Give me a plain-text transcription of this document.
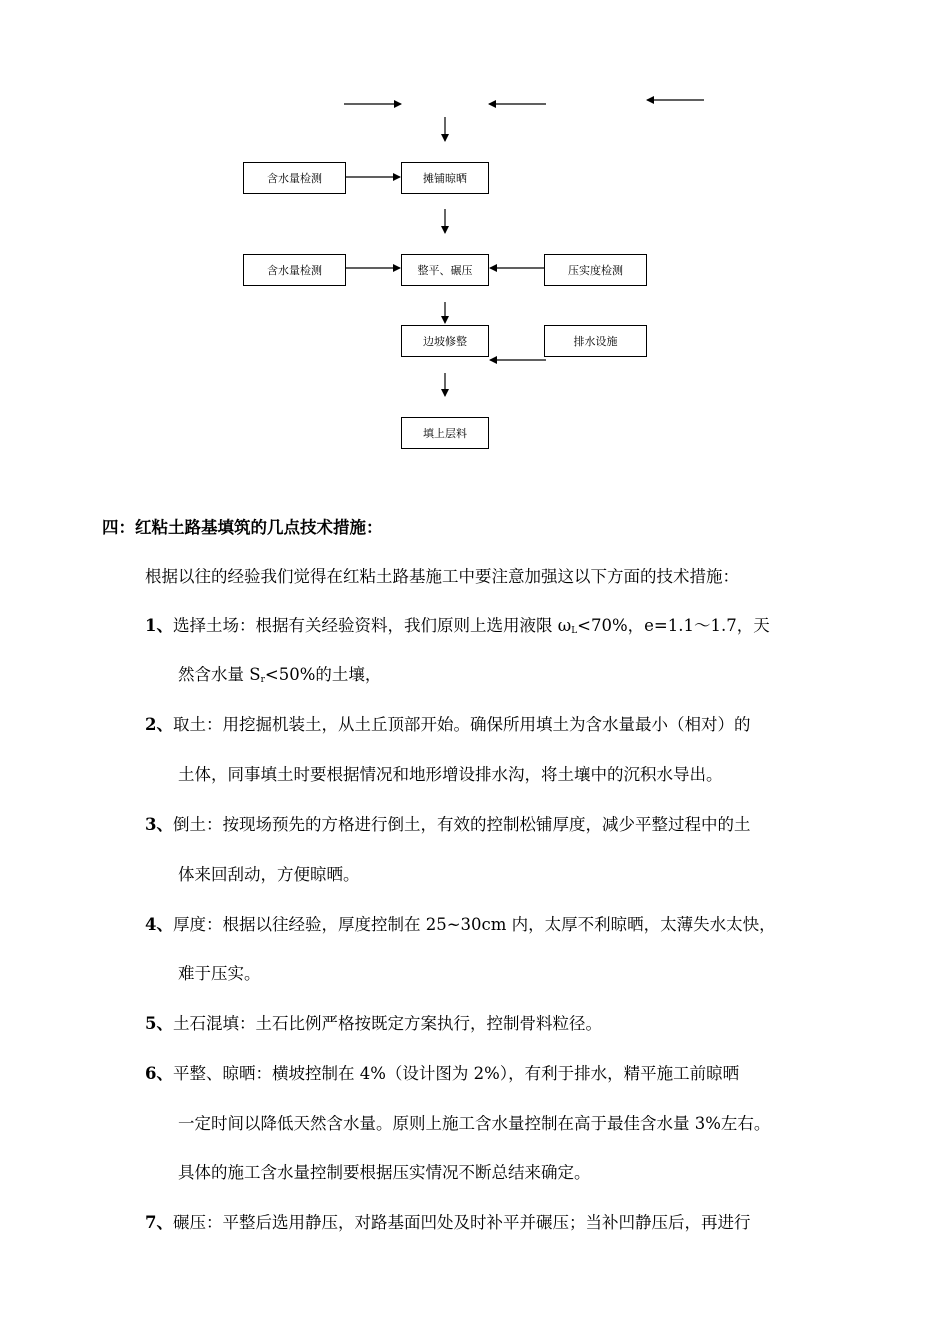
含水量检测	摊铺晾晒
含水量检测	整平、碾压	压实度检测
边坡修整	排水设施
填上层料
四：红粘土路基填筑的几点技术措施：
根据以往的经验我们觉得在红粘土路基施工中要注意加强这以下方面的技术措施：
1、选择土场：根据有关经验资料，我们原则上选用液限 $\omega_L<70\%$，e=1.1～1.7，天
然含水量 $S_r<50\%$的土壤，
2、取土：用挖掘机装土，从土丘顶部开始。确保所用填土为含水量最小（相对）的
土体，同事填土时要根据情况和地形增设排水沟，将土壤中的沉积水导出。
3、倒土：按现场预先的方格进行倒土，有效的控制松铺厚度，减少平整过程中的土
体来回刮动，方便晾晒。
4、厚度：根据以往经验，厚度控制在 25~30cm 内，太厚不利晾晒，太薄失水太快，
难于压实。
5、土石混填：土石比例严格按既定方案执行，控制骨料粒径。
6、平整、晾晒：横坡控制在 4%（设计图为 2%），有利于排水，精平施工前晾晒
一定时间以降低天然含水量。原则上施工含水量控制在高于最佳含水量 3%左右。
具体的施工含水量控制要根据压实情况不断总结来确定。
7、碾压：平整后选用静压，对路基面凹处及时补平并碾压；当补凹静压后，再进行
